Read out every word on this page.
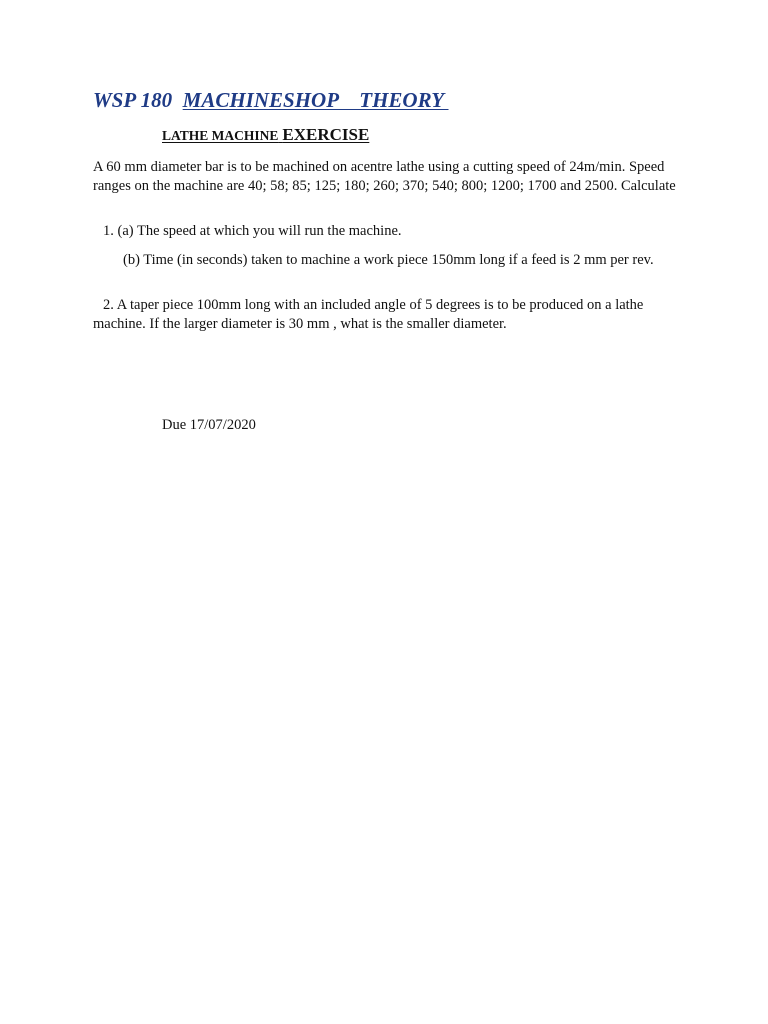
WSP 180 MACHINESHOP    THEORY
LATHE MACHINE EXERCISE
A 60 mm diameter bar is to be machined on acentre lathe using a cutting speed of 24m/min. Speed ranges on the machine are 40; 58; 85; 125; 180; 260; 370; 540; 800; 1200; 1700 and 2500. Calculate
1. (a) The speed at which you will run the machine.
(b) Time (in seconds) taken to machine a work piece 150mm long if a feed is 2 mm per rev.
2. A taper piece 100mm long with an included angle of 5 degrees is to be produced on a lathe machine. If the larger diameter is 30 mm , what is the smaller diameter.
Due 17/07/2020
